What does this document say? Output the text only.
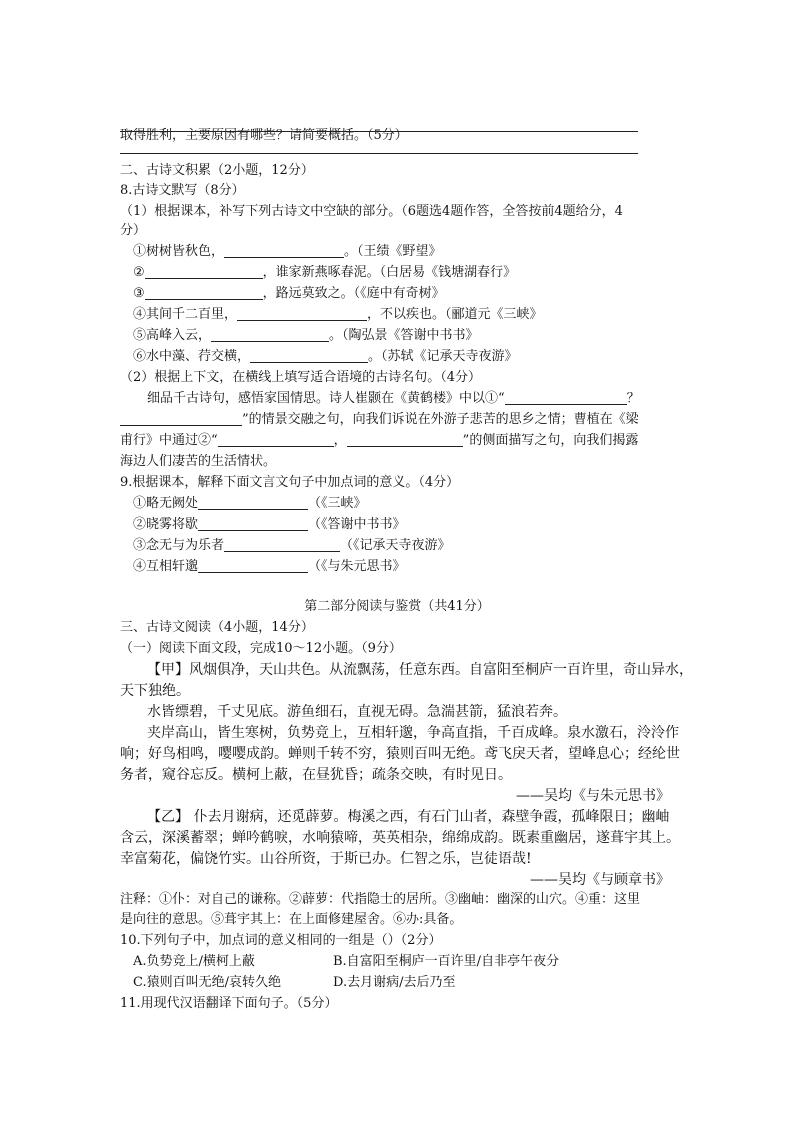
取得胜利，主要原因有哪些？请简要概括。（5分）
二、古诗文积累（2小题，12分）
8.古诗文默写（8分）
（1）根据课本，补写下列古诗文中空缺的部分。（6题选4题作答，全答按前4题给分，4
分）
①树树皆秋色，	。（王绩《野望》
②	，谁家新燕啄春泥。（白居易《钱塘湖春行》
③	，路远莫致之。（《庭中有奇树》
④其间千二百里，	，不以疾也。（郦道元《三峡》
⑤高峰入云，	。（陶弘景《答谢中书书》
⑥水中藻、荇交横，	。（苏轼《记承天寺夜游》
（2）根据上下文，在横线上填写适合语境的古诗名句。（4分）
细品千古诗句，感悟家国情思。诗人崔颢在《黄鹤楼》中以①“	？
”的情景交融之句，向我们诉说在外游子悲苦的思乡之情；曹植在《梁
甫行》中通过②“	，	”的侧面描写之句，向我们揭露
海边人们凄苦的生活情状。
9.根据课本，解释下面文言文句子中加点词的意义。（4分）
①略无阙处	（《三峡》
②晓雾将歇	（《答谢中书书》
③念无与为乐者	（《记承天寺夜游》
④互相轩邈	（《与朱元思书》
第二部分阅读与鉴赏（共41分）
三、古诗文阅读（4小题，14分）
（一）阅读下面文段，完成10～12小题。（9分）
【甲】风烟俱净，天山共色。从流飘荡，任意东西。自富阳至桐庐一百许里，奇山异水，
天下独绝。
水皆缥碧，千丈见底。游鱼细石，直视无碍。急湍甚箭，猛浪若奔。
夹岸高山，皆生寒树，负势竞上，互相轩邈，争高直指，千百成峰。泉水激石，泠泠作
响；好鸟相鸣，嘤嘤成韵。蝉则千转不穷，猿则百叫无绝。鸢飞戾天者，望峰息心；经纶世
务者，窥谷忘反。横柯上蔽，在昼犹昏；疏条交映，有时见日。
——吴均《与朱元思书》
【乙】 仆去月谢病，还觅薜萝。梅溪之西，有石门山者，森壁争霞，孤峰限日；幽岫
含云，深溪蓄翠；蝉吟鹤唳，水响猿啼，英英相杂，绵绵成韵。既素重幽居，遂葺宇其上。
幸富菊花，偏饶竹实。山谷所资，于斯已办。仁智之乐，岂徒语哉!
——吴均《与顾章书》
注释：①仆：对自己的谦称。②薜萝：代指隐士的居所。③幽岫：幽深的山穴。④重：这里
是向往的意思。⑤葺宇其上：在上面修建屋舍。⑥办:具备。
10.下列句子中，加点词的意义相同的一组是（）（2分）
A.负势竞上/横柯上蔽	B.自富阳至桐庐一百许里/自非亭午夜分
C.猿则百叫无绝/哀转久绝	D.去月谢病/去后乃至
11.用现代汉语翻译下面句子。（5分）
